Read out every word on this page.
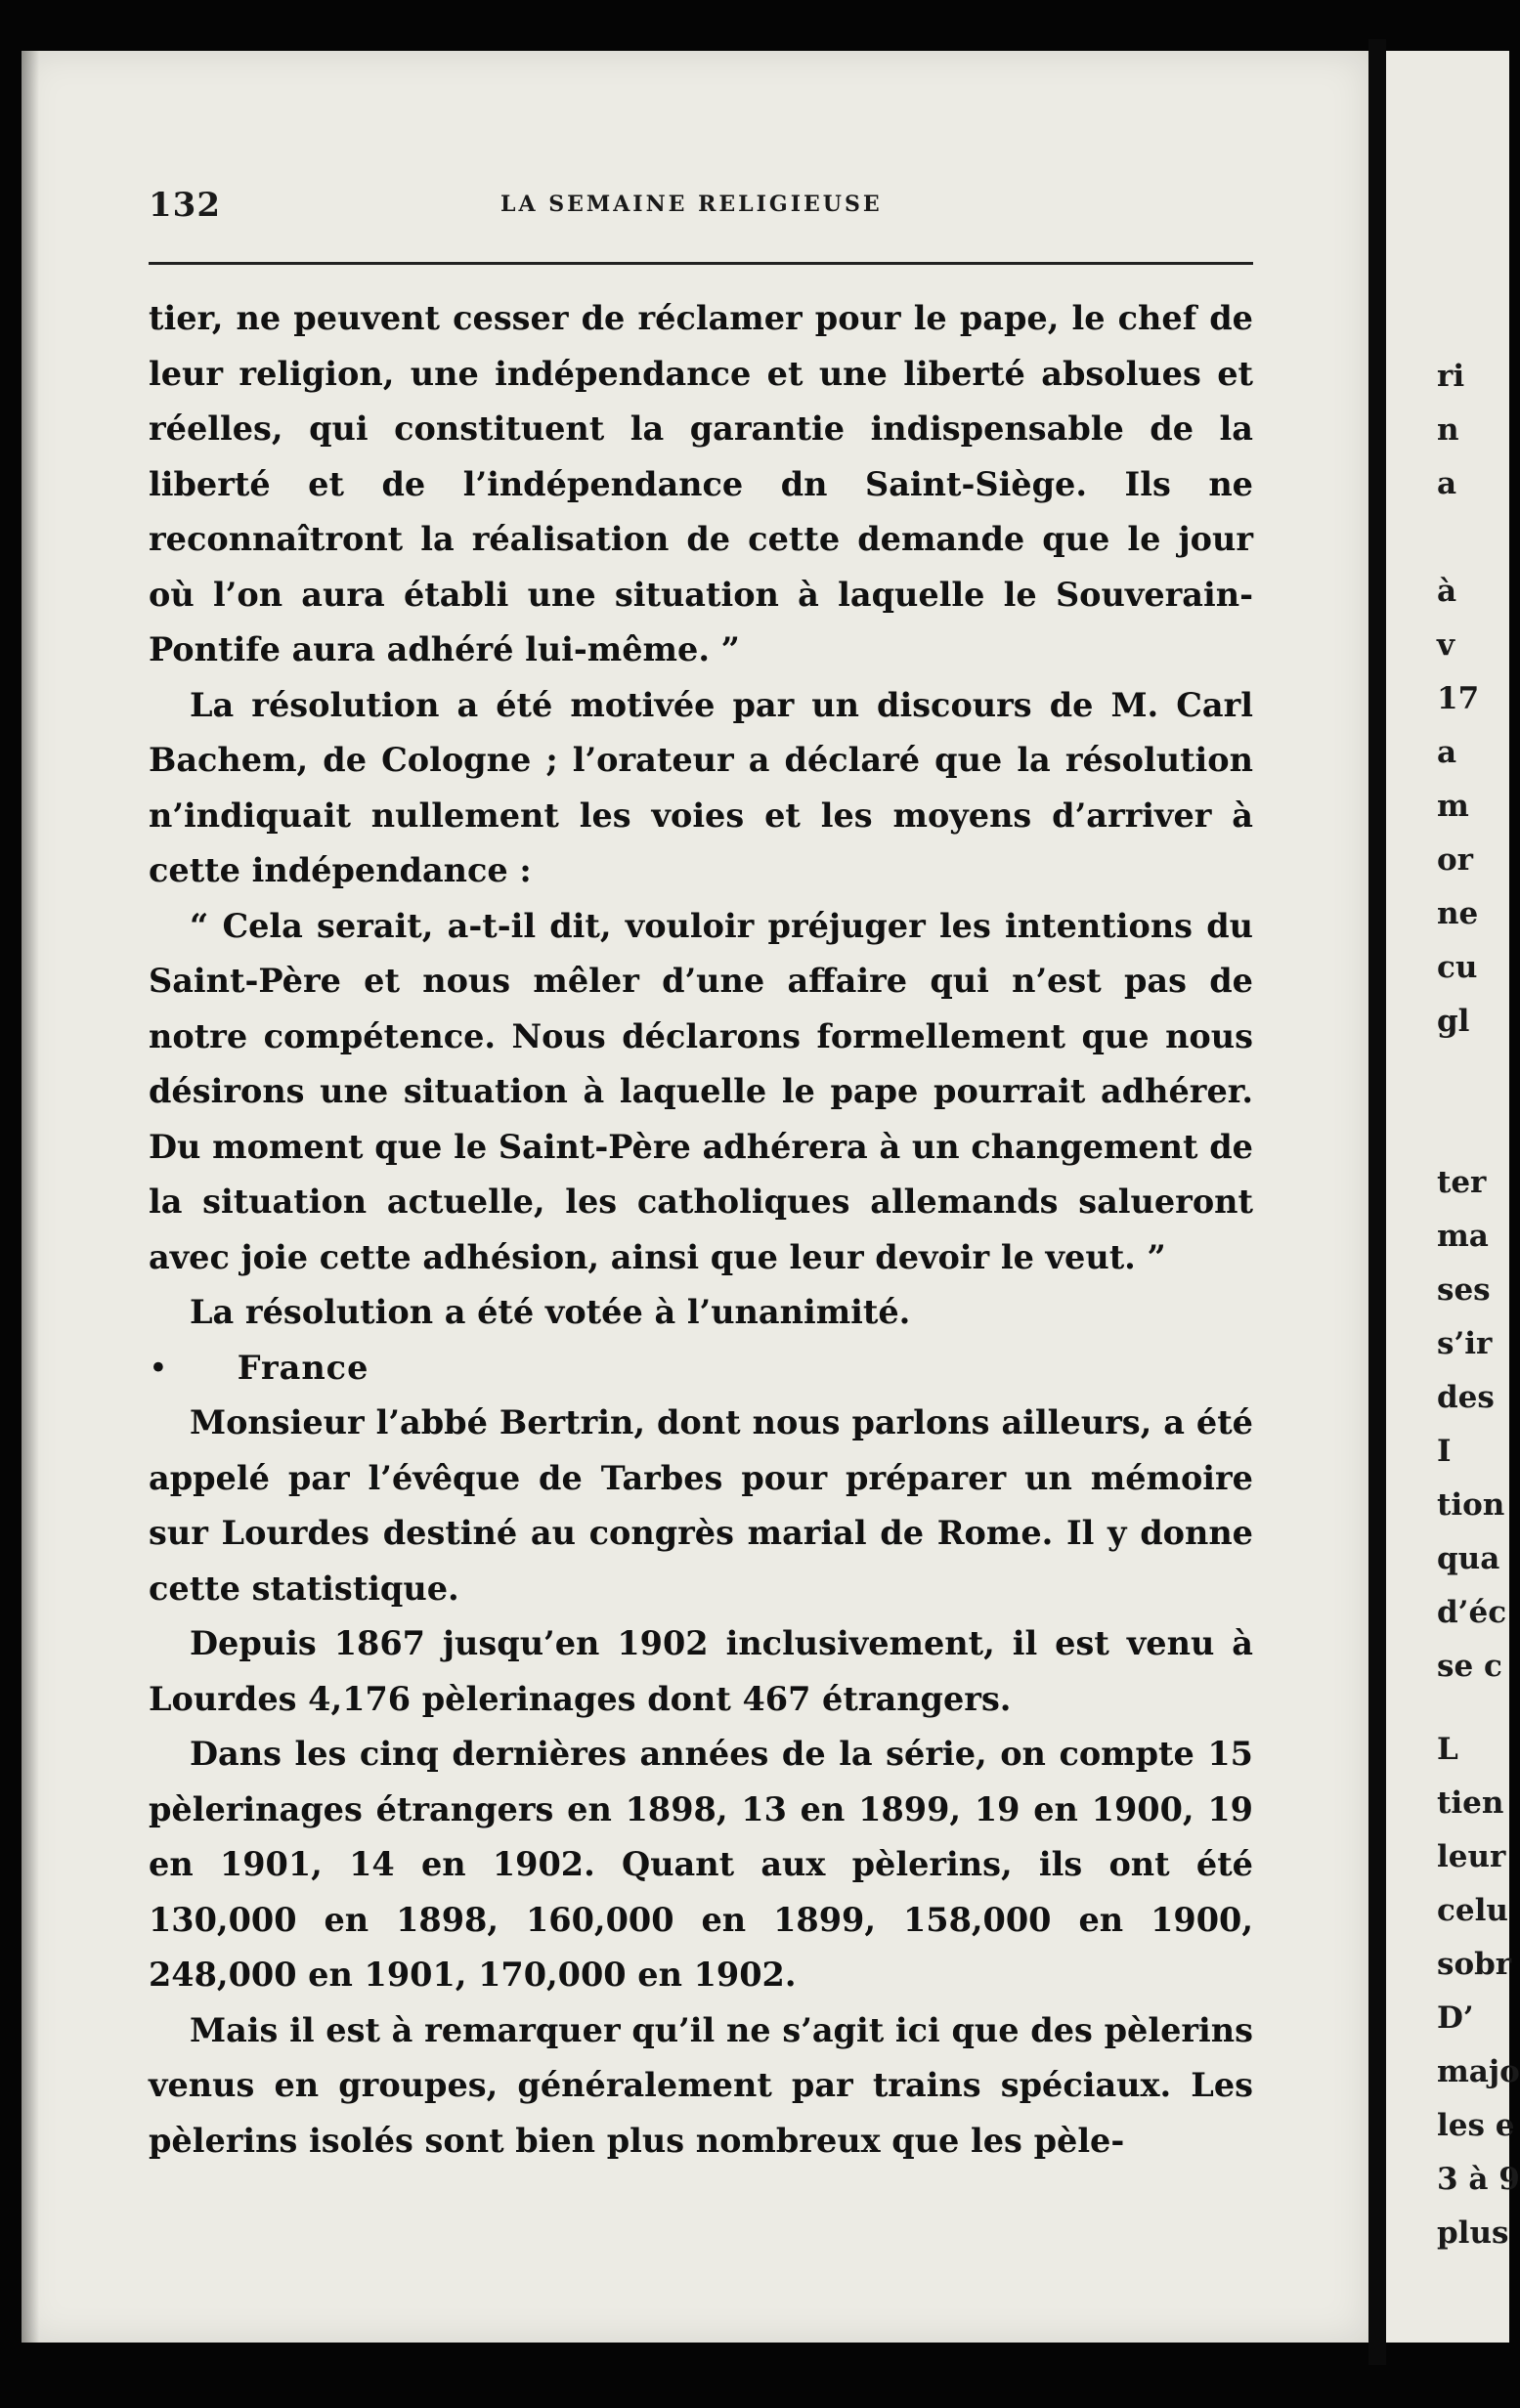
132	LA SEMAINE RELIGIEUSE

tier, ne peuvent cesser de réclamer pour le pape, le chef de leur religion, une indépendance et une liberté absolues et réelles, qui constituent la garantie indispensable de la liberté et de l’indépendance dn Saint-Siège. Ils ne reconnaîtront la réalisation de cette demande que le jour où l’on aura établi une situation à laquelle le Souverain-Pontife aura adhéré lui-même. ”

La résolution a été motivée par un discours de M. Carl Bachem, de Cologne ; l’orateur a déclaré que la résolution n’indiquait nullement les voies et les moyens d’arriver à cette indépendance :

“ Cela serait, a-t-il dit, vouloir préjuger les intentions du Saint-Père et nous mêler d’une affaire qui n’est pas de notre compétence. Nous déclarons formellement que nous désirons une situation à laquelle le pape pourrait adhérer. Du moment que le Saint-Père adhérera à un changement de la situation actuelle, les catholiques allemands salueront avec joie cette adhésion, ainsi que leur devoir le veut. ”

La résolution a été votée à l’unanimité.

• France

Monsieur l’abbé Bertrin, dont nous parlons ailleurs, a été appelé par l’évêque de Tarbes pour préparer un mémoire sur Lourdes destiné au congrès marial de Rome. Il y donne cette statistique.

Depuis 1867 jusqu’en 1902 inclusivement, il est venu à Lourdes 4,176 pèlerinages dont 467 étrangers.

Dans les cinq dernières années de la série, on compte 15 pèlerinages étrangers en 1898, 13 en 1899, 19 en 1900, 19 en 1901, 14 en 1902. Quant aux pèlerins, ils ont été 130,000 en 1898, 160,000 en 1899, 158,000 en 1900, 248,000 en 1901, 170,000 en 1902.

Mais il est à remarquer qu’il ne s’agit ici que des pèlerins venus en groupes, généralement par trains spéciaux. Les pèlerins isolés sont bien plus nombreux que les pèle-

ri
n
a
à
v
17
a
m
or
ne
cu
gl
ter
ma
ses
s’ir
des
I
tion
qua
d’éc
se c
L
tien
leur
celu
sobr
D’
majo
les e
3 à 9
plus
